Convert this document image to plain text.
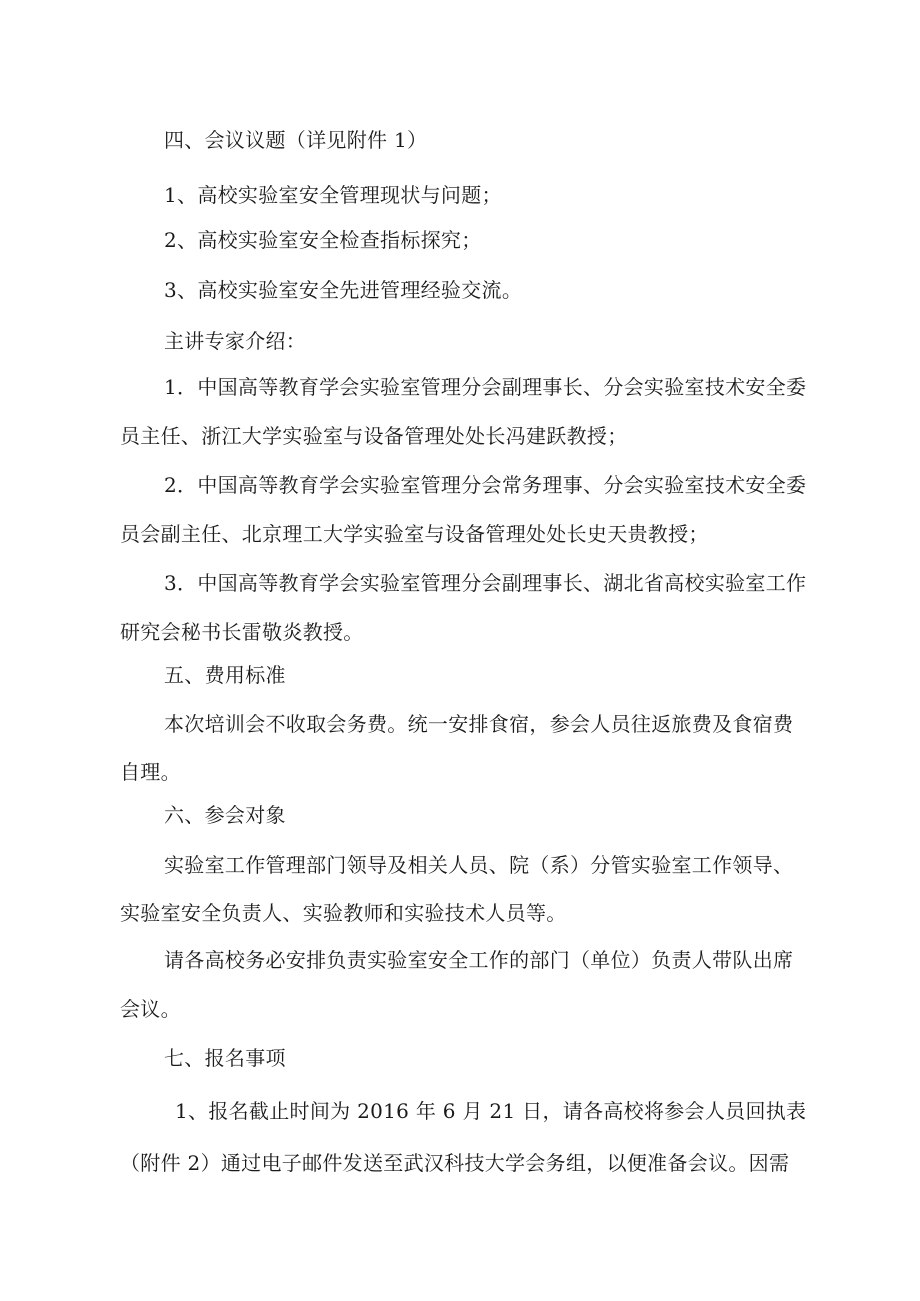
四、会议议题（详见附件 1）
1、高校实验室安全管理现状与问题；
2、高校实验室安全检查指标探究；
3、高校实验室安全先进管理经验交流。
主讲专家介绍：
1．中国高等教育学会实验室管理分会副理事长、分会实验室技术安全委
员主任、浙江大学实验室与设备管理处处长冯建跃教授；
2．中国高等教育学会实验室管理分会常务理事、分会实验室技术安全委
员会副主任、北京理工大学实验室与设备管理处处长史天贵教授；
3．中国高等教育学会实验室管理分会副理事长、湖北省高校实验室工作
研究会秘书长雷敬炎教授。
五、费用标准
本次培训会不收取会务费。统一安排食宿，参会人员往返旅费及食宿费
自理。
六、参会对象
实验室工作管理部门领导及相关人员、院（系）分管实验室工作领导、
实验室安全负责人、实验教师和实验技术人员等。
请各高校务必安排负责实验室安全工作的部门（单位）负责人带队出席
会议。
七、报名事项
1、报名截止时间为 2016 年 6 月 21 日，请各高校将参会人员回执表
（附件 2）通过电子邮件发送至武汉科技大学会务组，以便准备会议。因需
